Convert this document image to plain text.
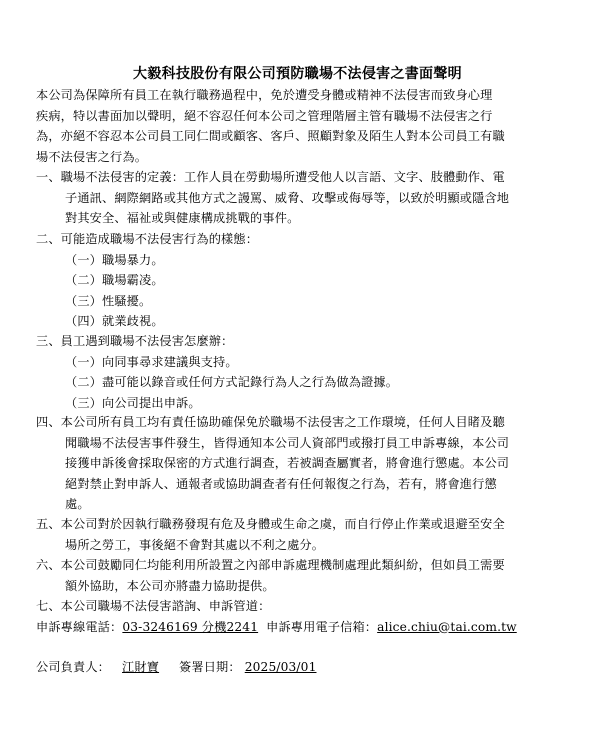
大毅科技股份有限公司預防職場不法侵害之書面聲明
本公司為保障所有員工在執行職務過程中，免於遭受身體或精神不法侵害而致身心理
疾病，特以書面加以聲明，絕不容忍任何本公司之管理階層主管有職場不法侵害之行
為，亦絕不容忍本公司員工同仁間或顧客、客戶、照顧對象及陌生人對本公司員工有職
場不法侵害之行為。
一、職場不法侵害的定義：工作人員在勞動場所遭受他人以言語、文字、肢體動作、電
子通訊、網際網路或其他方式之謾罵、威脅、攻擊或侮辱等，以致於明顯或隱含地
對其安全、福祉或與健康構成挑戰的事件。
二、可能造成職場不法侵害行為的樣態：
（一）職場暴力。
（二）職場霸凌。
（三）性騷擾。
（四）就業歧視。
三、員工遇到職場不法侵害怎麼辦：
（一）向同事尋求建議與支持。
（二）盡可能以錄音或任何方式記錄行為人之行為做為證據。
（三）向公司提出申訴。
四、本公司所有員工均有責任協助確保免於職場不法侵害之工作環境，任何人目睹及聽
聞職場不法侵害事件發生，皆得通知本公司人資部門或撥打員工申訴專線，本公司
接獲申訴後會採取保密的方式進行調查，若被調查屬實者，將會進行懲處。本公司
絕對禁止對申訴人、通報者或協助調查者有任何報復之行為，若有，將會進行懲
處。
五、本公司對於因執行職務發現有危及身體或生命之虞，而自行停止作業或退避至安全
場所之勞工，事後絕不會對其處以不利之處分。
六、本公司鼓勵同仁均能利用所設置之內部申訴處理機制處理此類糾紛，但如員工需要
額外協助，本公司亦將盡力協助提供。
七、本公司職場不法侵害諮詢、申訴管道：
申訴專線電話：03-3246169 分機2241 申訴專用電子信箱：alice.chiu@tai.com.tw
公司負責人： 江財寶 簽署日期： 2025/03/01
